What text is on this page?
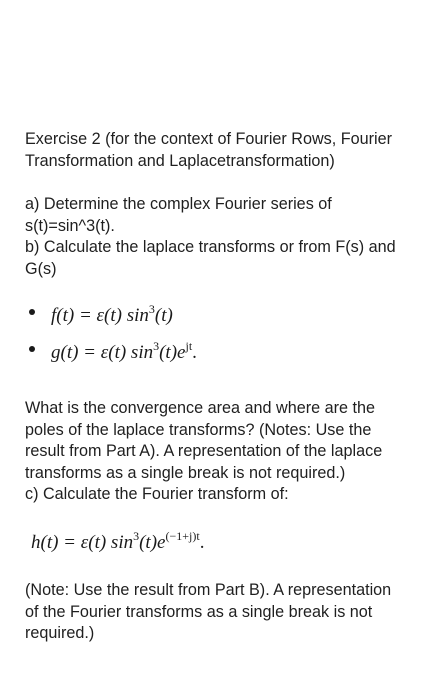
Exercise 2 (for the context of Fourier Rows, Fourier
Transformation and Laplacetransformation)

a) Determine the complex Fourier series of
s(t)=sin^3(t).
b) Calculate the laplace transforms or from F(s) and
G(s)

f(t) = ε(t) $\sin^3(t)$
g(t) = ε(t) $\sin^3(t)e^{jt}$.

What is the convergence area and where are the
poles of the laplace transforms? (Notes: Use the
result from Part A). A representation of the laplace
transforms as a single break is not required.)
c) Calculate the Fourier transform of:

h(t) = ε(t) $\sin^3(t)e^{(-1+j)t}$.

(Note: Use the result from Part B). A representation
of the Fourier transforms as a single break is not
required.)
